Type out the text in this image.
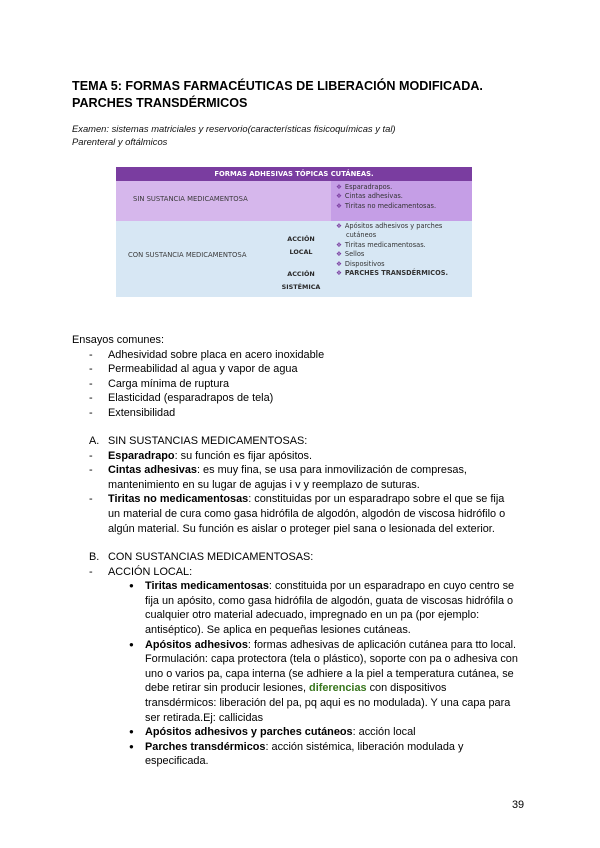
TEMA 5: FORMAS FARMACÉUTICAS DE LIBERACIÓN MODIFICADA.
PARCHES TRANSDÉRMICOS
Examen: sistemas matriciales y reservorio(características fisicoquímicas y tal)
Parenteral y oftálmicos
FORMAS ADHESIVAS TÓPICAS CUTÁNEAS.
SIN SUSTANCIA MEDICAMENTOSA
❖ Esparadrapos.
❖ Cintas adhesivas.
❖ Tiritas no medicamentosas.
CON SUSTANCIA MEDICAMENTOSA
ACCIÓN
LOCAL
ACCIÓN
SISTÉMICA
❖ Apósitos adhesivos y parches
cutáneos
❖ Tiritas medicamentosas.
❖ Sellos
❖ Dispositivos
❖ PARCHES TRANSDÉRMICOS.
Ensayos comunes:
- Adhesividad sobre placa en acero inoxidable
- Permeabilidad al agua y vapor de agua
- Carga mínima de ruptura
- Elasticidad (esparadrapos de tela)
- Extensibilidad
A. SIN SUSTANCIAS MEDICAMENTOSAS:
- Esparadrapo: su función es fijar apósitos.
- Cintas adhesivas: es muy fina, se usa para inmovilización de compresas,
mantenimiento en su lugar de agujas i v y reemplazo de suturas.
- Tiritas no medicamentosas: constituidas por un esparadrapo sobre el que se fija
un material de cura como gasa hidrófila de algodón, algodón de viscosa hidrófilo o
algún material. Su función es aislar o proteger piel sana o lesionada del exterior.
B. CON SUSTANCIAS MEDICAMENTOSAS:
- ACCIÓN LOCAL:
● Tiritas medicamentosas: constituida por un esparadrapo en cuyo centro se
fija un apósito, como gasa hidrófila de algodón, guata de viscosas hidrófila o
cualquier otro material adecuado, impregnado en un pa (por ejemplo:
antiséptico). Se aplica en pequeñas lesiones cutáneas.
● Apósitos adhesivos: formas adhesivas de aplicación cutánea para tto local.
Formulación: capa protectora (tela o plástico), soporte con pa o adhesiva con
uno o varios pa, capa interna (se adhiere a la piel a temperatura cutánea, se
debe retirar sin producir lesiones, diferencias con dispositivos
transdérmicos: liberación del pa, pq aqui es no modulada). Y una capa para
ser retirada.Ej: callicidas
● Apósitos adhesivos y parches cutáneos: acción local
● Parches transdérmicos: acción sistémica, liberación modulada y
especificada.
39
